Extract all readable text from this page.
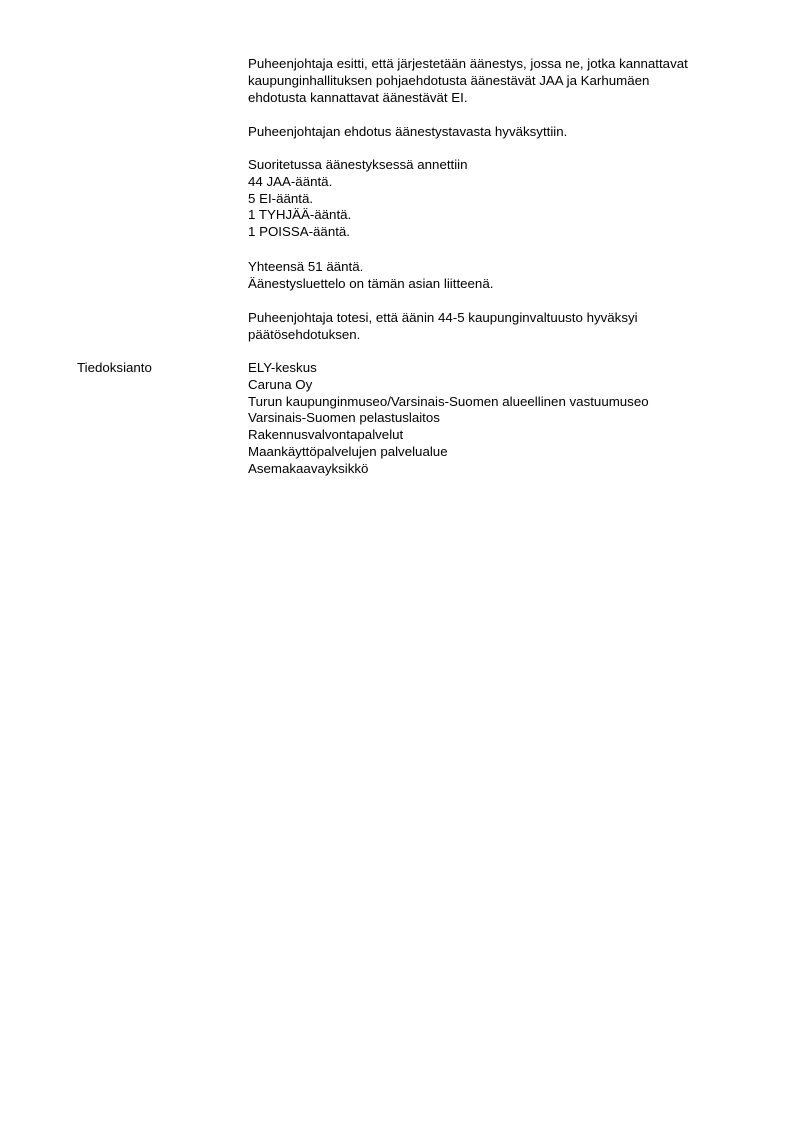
Puheenjohtaja esitti, että järjestetään äänestys, jossa ne, jotka kannattavat
kaupunginhallituksen pohjaehdotusta äänestävät JAA ja Karhumäen
ehdotusta kannattavat äänestävät EI.
Puheenjohtajan ehdotus äänestystavasta hyväksyttiin.
Suoritetussa äänestyksessä annettiin
44 JAA-ääntä.
5 EI-ääntä.
1 TYHJÄÄ-ääntä.
1 POISSA-ääntä.
Yhteensä 51 ääntä.
Äänestysluettelo on tämän asian liitteenä.
Puheenjohtaja totesi, että äänin 44-5 kaupunginvaltuusto hyväksyi
päätösehdotuksen.
Tiedoksianto	ELY-keskus
Caruna Oy
Turun kaupunginmuseo/Varsinais-Suomen alueellinen vastuumuseo
Varsinais-Suomen pelastuslaitos
Rakennusvalvontapalvelut
Maankäyttöpalvelujen palvelualue
Asemakaavayksikkö
